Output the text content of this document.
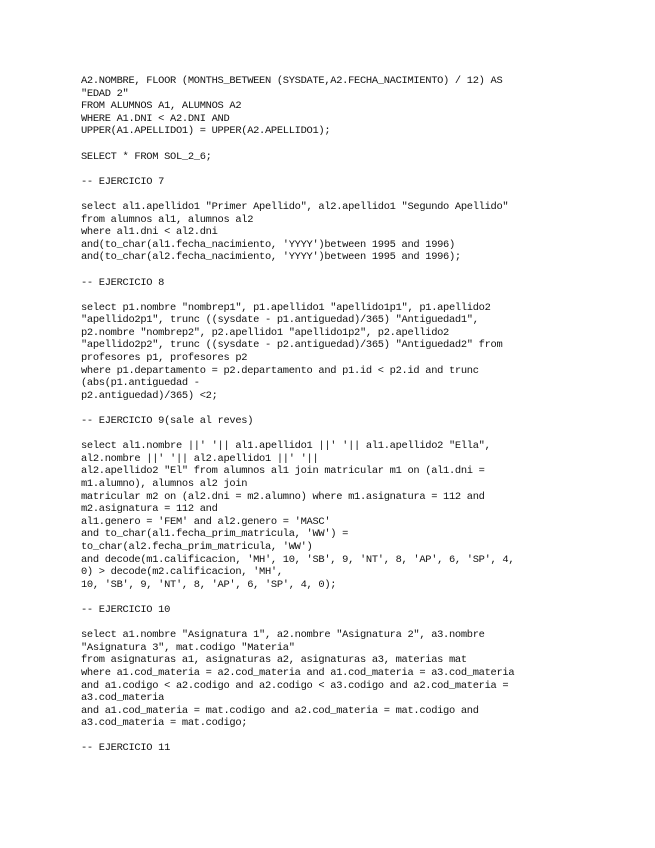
A2.NOMBRE, FLOOR (MONTHS_BETWEEN (SYSDATE,A2.FECHA_NACIMIENTO) / 12) AS
"EDAD 2"
FROM ALUMNOS A1, ALUMNOS A2
WHERE A1.DNI < A2.DNI AND
UPPER(A1.APELLIDO1) = UPPER(A2.APELLIDO1);

SELECT * FROM SOL_2_6;

-- EJERCICIO 7

select al1.apellido1 "Primer Apellido", al2.apellido1 "Segundo Apellido"
from alumnos al1, alumnos al2
where al1.dni < al2.dni
and(to_char(al1.fecha_nacimiento, 'YYYY')between 1995 and 1996)
and(to_char(al2.fecha_nacimiento, 'YYYY')between 1995 and 1996);

-- EJERCICIO 8

select p1.nombre "nombrep1", p1.apellido1 "apellido1p1", p1.apellido2
"apellido2p1", trunc ((sysdate - p1.antiguedad)/365) "Antiguedad1",
p2.nombre "nombrep2", p2.apellido1 "apellido1p2", p2.apellido2
"apellido2p2", trunc ((sysdate - p2.antiguedad)/365) "Antiguedad2" from
profesores p1, profesores p2
where p1.departamento = p2.departamento and p1.id < p2.id and trunc
(abs(p1.antiguedad -
p2.antiguedad)/365) <2;

-- EJERCICIO 9(sale al reves)

select al1.nombre ||' '|| al1.apellido1 ||' '|| al1.apellido2 "Ella",
al2.nombre ||' '|| al2.apellido1 ||' '||
al2.apellido2 "El" from alumnos al1 join matricular m1 on (al1.dni =
m1.alumno), alumnos al2 join
matricular m2 on (al2.dni = m2.alumno) where m1.asignatura = 112 and
m2.asignatura = 112 and
al1.genero = 'FEM' and al2.genero = 'MASC'
and to_char(al1.fecha_prim_matricula, 'WW') =
to_char(al2.fecha_prim_matricula, 'WW')
and decode(m1.calificacion, 'MH', 10, 'SB', 9, 'NT', 8, 'AP', 6, 'SP', 4,
0) > decode(m2.calificacion, 'MH',
10, 'SB', 9, 'NT', 8, 'AP', 6, 'SP', 4, 0);

-- EJERCICIO 10

select a1.nombre "Asignatura 1", a2.nombre "Asignatura 2", a3.nombre
"Asignatura 3", mat.codigo "Materia"
from asignaturas a1, asignaturas a2, asignaturas a3, materias mat
where a1.cod_materia = a2.cod_materia and a1.cod_materia = a3.cod_materia
and a1.codigo < a2.codigo and a2.codigo < a3.codigo and a2.cod_materia =
a3.cod_materia
and a1.cod_materia = mat.codigo and a2.cod_materia = mat.codigo and
a3.cod_materia = mat.codigo;

-- EJERCICIO 11
